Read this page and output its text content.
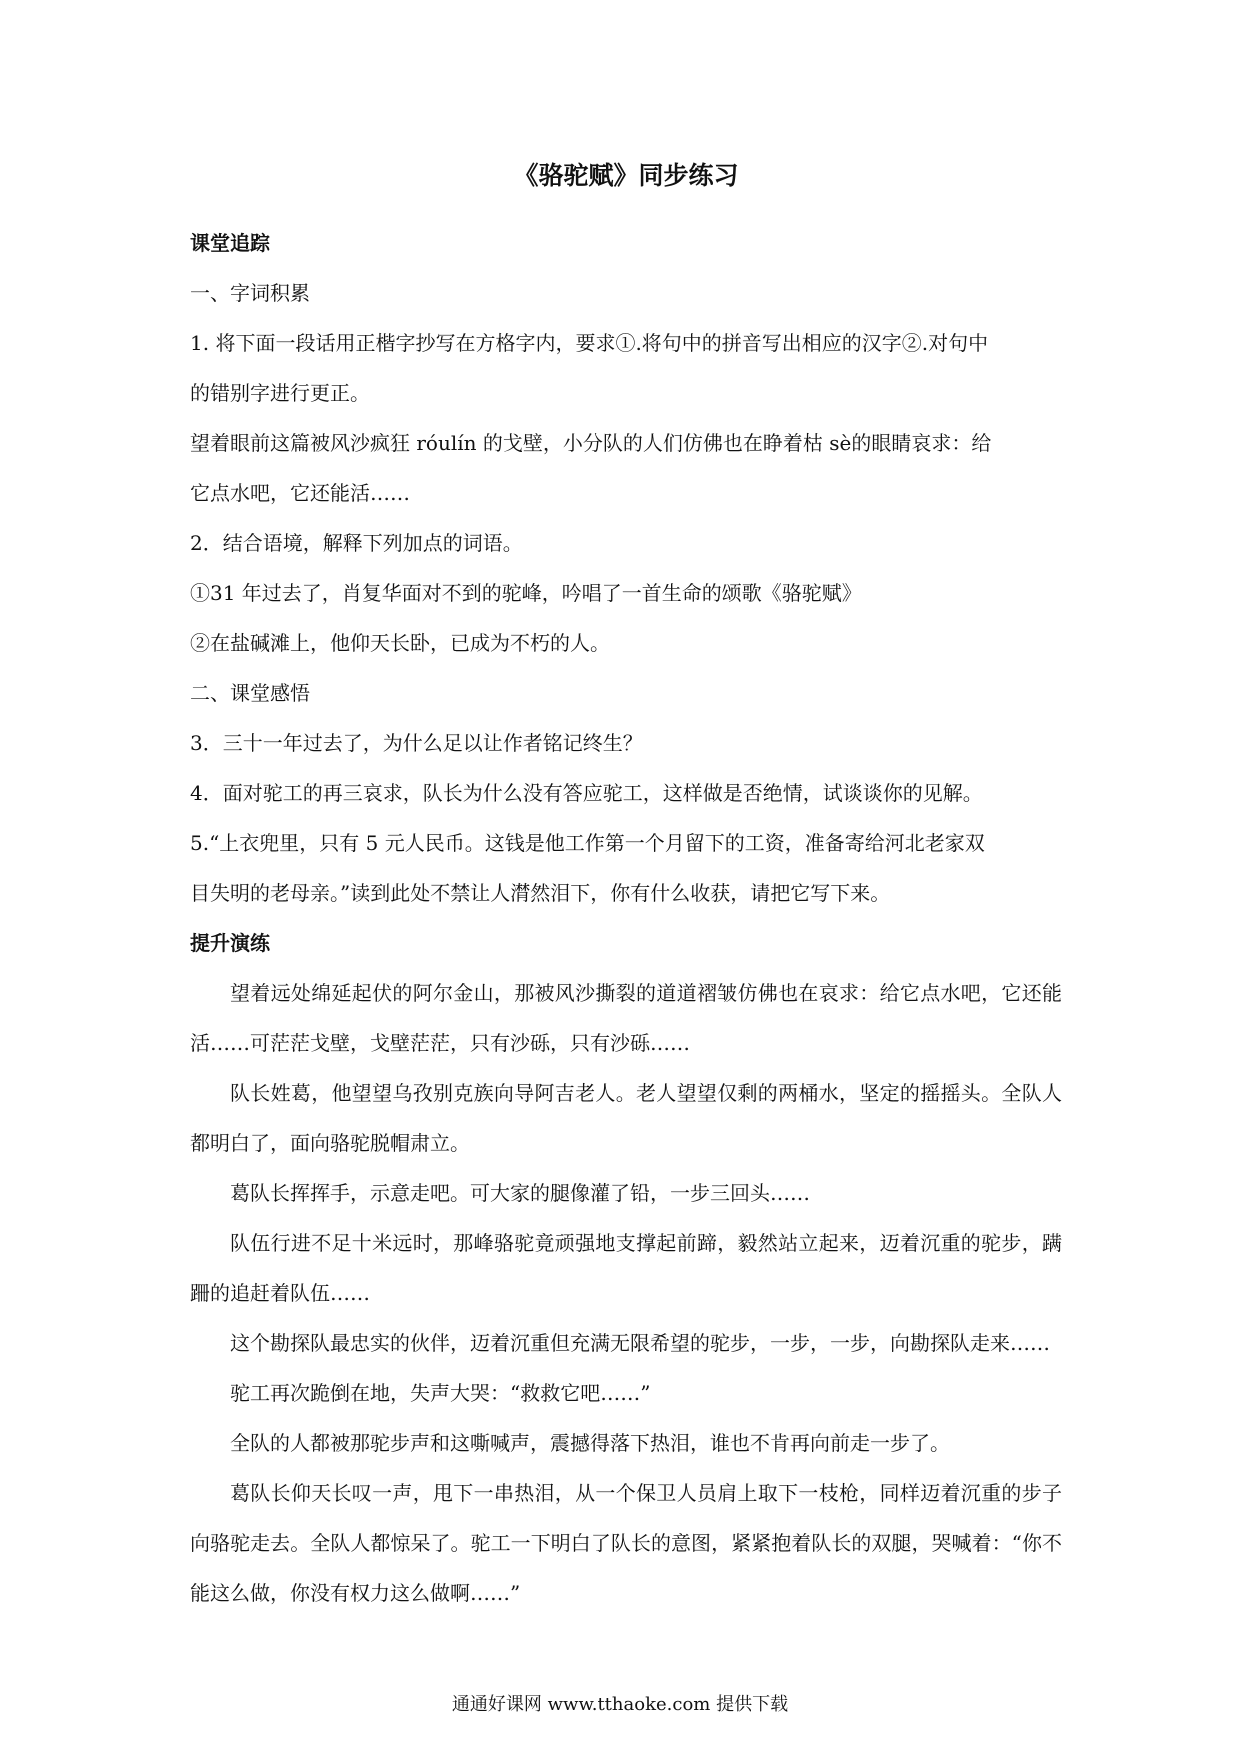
《骆驼赋》同步练习

课堂追踪

一、字词积累

1. 将下面一段话用正楷字抄写在方格字内，要求①.将句中的拼音写出相应的汉字②.对句中

的错别字进行更正。

望着眼前这篇被风沙疯狂 róulín 的戈壁，小分队的人们仿佛也在睁着枯 sè的眼睛哀求：给

它点水吧，它还能活……

2．结合语境，解释下列加点的词语。

①31 年过去了，肖复华面对不到的驼峰，吟唱了一首生命的颂歌《骆驼赋》

②在盐碱滩上，他仰天长卧，已成为不朽的人。

二、课堂感悟

3．三十一年过去了，为什么足以让作者铭记终生？

4．面对驼工的再三哀求，队长为什么没有答应驼工，这样做是否绝情，试谈谈你的见解。

5.“上衣兜里，只有 5 元人民币。这钱是他工作第一个月留下的工资，准备寄给河北老家双

目失明的老母亲。”读到此处不禁让人潸然泪下，你有什么收获，请把它写下来。

提升演练

望着远处绵延起伏的阿尔金山，那被风沙撕裂的道道褶皱仿佛也在哀求：给它点水吧，它还能活……可茫茫戈壁，戈壁茫茫，只有沙砾，只有沙砾……

队长姓葛，他望望乌孜别克族向导阿吉老人。老人望望仅剩的两桶水，坚定的摇摇头。全队人都明白了，面向骆驼脱帽肃立。

葛队长挥挥手，示意走吧。可大家的腿像灌了铅，一步三回头……

队伍行进不足十米远时，那峰骆驼竟顽强地支撑起前蹄，毅然站立起来，迈着沉重的驼步，蹒跚的追赶着队伍……

这个勘探队最忠实的伙伴，迈着沉重但充满无限希望的驼步，一步，一步，向勘探队走来……

驼工再次跪倒在地，失声大哭：“救救它吧……”

全队的人都被那驼步声和这嘶喊声，震撼得落下热泪，谁也不肯再向前走一步了。

葛队长仰天长叹一声，甩下一串热泪，从一个保卫人员肩上取下一枝枪，同样迈着沉重的步子向骆驼走去。全队人都惊呆了。驼工一下明白了队长的意图，紧紧抱着队长的双腿，哭喊着：“你不能这么做，你没有权力这么做啊……”

通通好课网 www.tthaoke.com 提供下载
